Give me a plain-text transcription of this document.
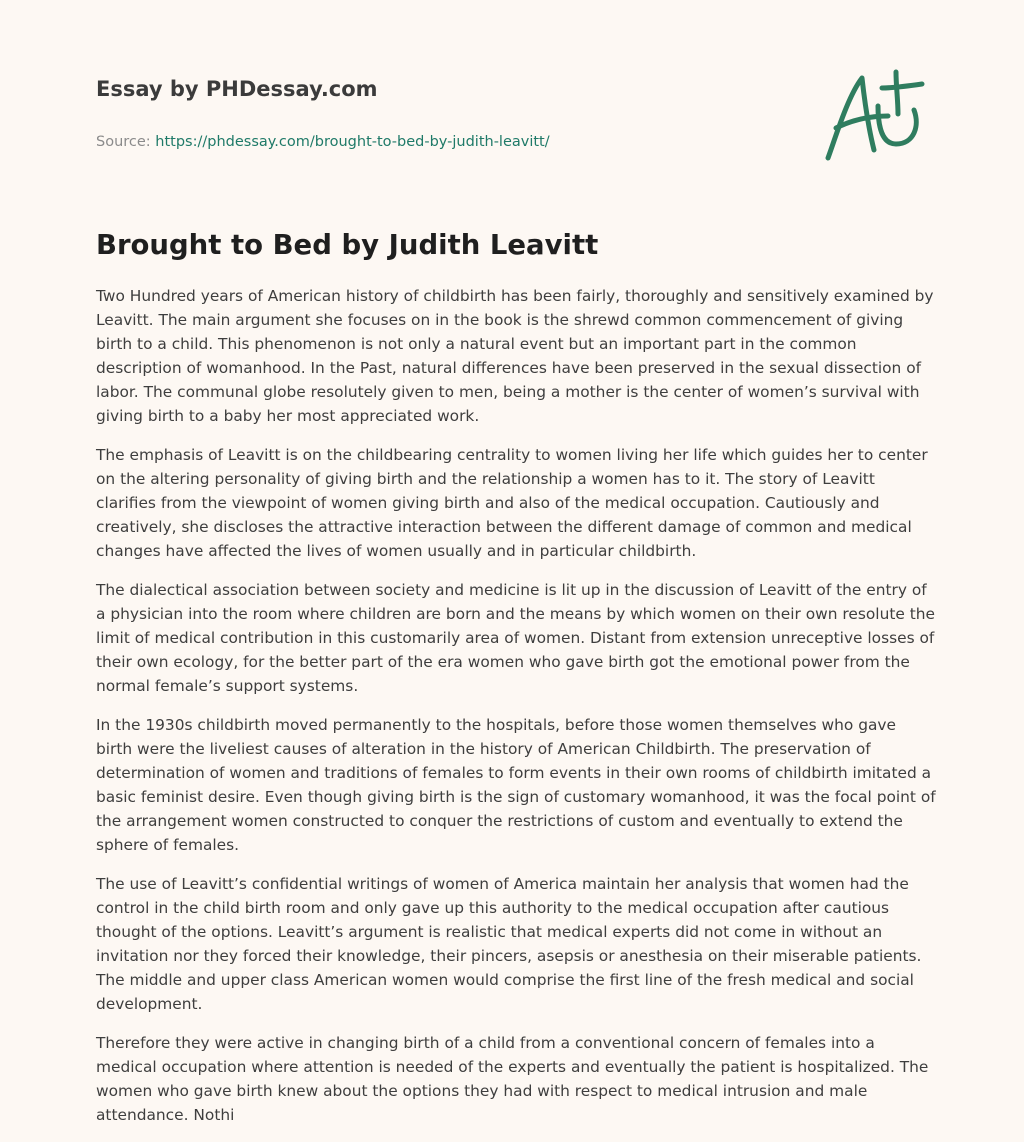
Essay by PHDessay.com
Source: https://phdessay.com/brought-to-bed-by-judith-leavitt/
Brought to Bed by Judith Leavitt

Two Hundred years of American history of childbirth has been fairly, thoroughly and sensitively examined by Leavitt. The main argument she focuses on in the book is the shrewd common commencement of giving birth to a child. This phenomenon is not only a natural event but an important part in the common description of womanhood. In the Past, natural differences have been preserved in the sexual dissection of labor. The communal globe resolutely given to men, being a mother is the center of women’s survival with giving birth to a baby her most appreciated work.

The emphasis of Leavitt is on the childbearing centrality to women living her life which guides her to center on the altering personality of giving birth and the relationship a women has to it. The story of Leavitt clarifies from the viewpoint of women giving birth and also of the medical occupation. Cautiously and creatively, she discloses the attractive interaction between the different damage of common and medical changes have affected the lives of women usually and in particular childbirth.

The dialectical association between society and medicine is lit up in the discussion of Leavitt of the entry of a physician into the room where children are born and the means by which women on their own resolute the limit of medical contribution in this customarily area of women. Distant from extension unreceptive losses of their own ecology, for the better part of the era women who gave birth got the emotional power from the normal female’s support systems.

In the 1930s childbirth moved permanently to the hospitals, before those women themselves who gave birth were the liveliest causes of alteration in the history of American Childbirth. The preservation of determination of women and traditions of females to form events in their own rooms of childbirth imitated a basic feminist desire. Even though giving birth is the sign of customary womanhood, it was the focal point of the arrangement women constructed to conquer the restrictions of custom and eventually to extend the sphere of females.

The use of Leavitt’s confidential writings of women of America maintain her analysis that women had the control in the child birth room and only gave up this authority to the medical occupation after cautious thought of the options. Leavitt’s argument is realistic that medical experts did not come in without an invitation nor they forced their knowledge, their pincers, asepsis or anesthesia on their miserable patients. The middle and upper class American women would comprise the first line of the fresh medical and social development.

Therefore they were active in changing birth of a child from a conventional concern of females into a medical occupation where attention is needed of the experts and eventually the patient is hospitalized. The women who gave birth knew about the options they had with respect to medical intrusion and male attendance. Nothi
